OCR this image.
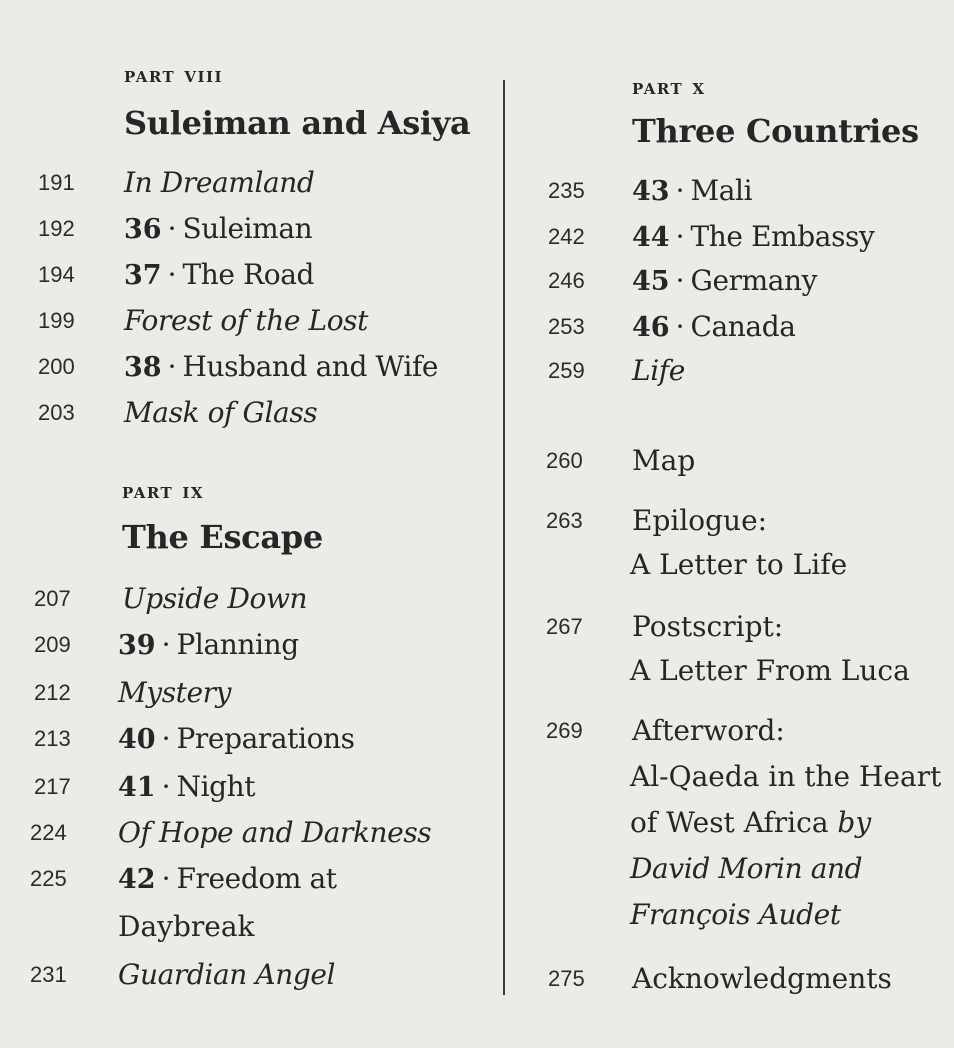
part viii
Suleiman and Asiya
191	In Dreamland
192	36 · Suleiman
194	37 · The Road
199	Forest of the Lost
200	38 · Husband and Wife
203	Mask of Glass
part ix
The Escape
207	Upside Down
209	39 · Planning
212	Mystery
213	40 · Preparations
217	41 · Night
224	Of Hope and Darkness
225	42 · Freedom at
Daybreak
231	Guardian Angel
part x
Three Countries
235	43 · Mali
242	44 · The Embassy
246	45 · Germany
253	46 · Canada
259	Life
260	Map
263	Epilogue:
A Letter to Life
267	Postscript:
A Letter From Luca
269	Afterword:
Al-Qaeda in the Heart
of West Africa by
David Morin and
François Audet
275	Acknowledgments
